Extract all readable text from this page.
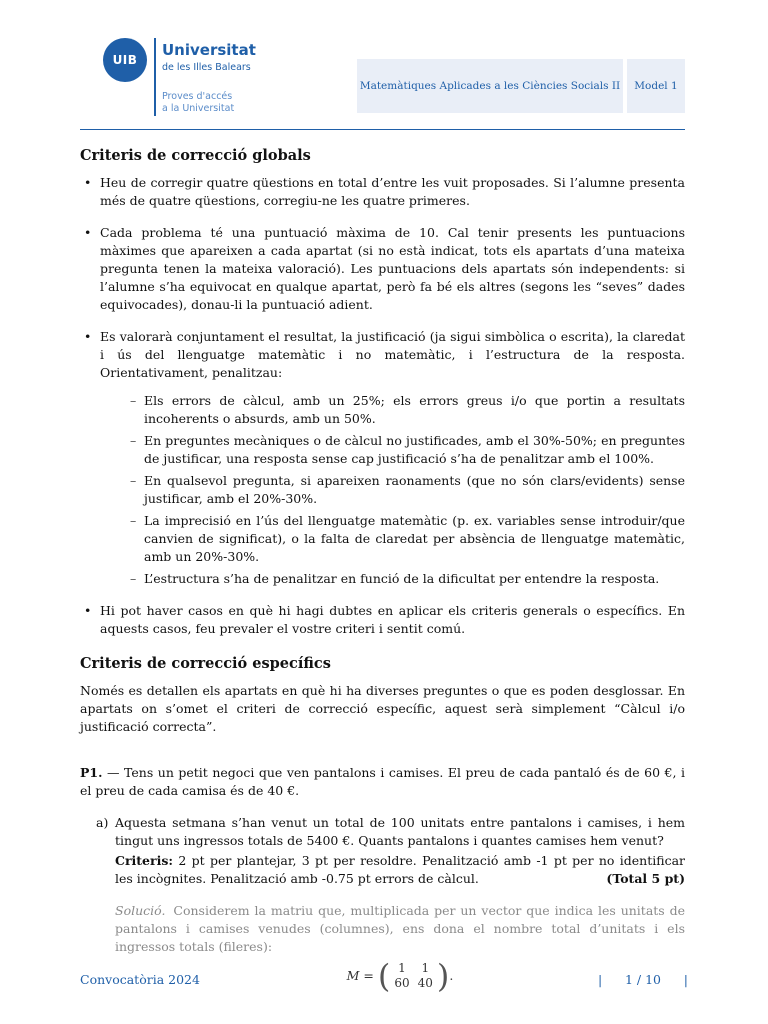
UIB
Universitat
de les Illes Balears
Proves d'accés
a la Universitat
Matemàtiques Aplicades a les Ciències Socials II Model 1
Criteris de correcció globals
• Heu de corregir quatre qüestions en total d’entre les vuit proposades. Si l’alumne presenta més de quatre qüestions, corregiu-ne les quatre primeres.
• Cada problema té una puntuació màxima de 10. Cal tenir presents les puntuacions màximes que apareixen a cada apartat (si no està indicat, tots els apartats d’una mateixa pregunta tenen la mateixa valoració). Les puntuacions dels apartats són independents: si l’alumne s’ha equivocat en qualque apartat, però fa bé els altres (segons les “seves” dades equivocades), donau-li la puntuació adient.
• Es valorarà conjuntament el resultat, la justificació (ja sigui simbòlica o escrita), la claredat i ús del llenguatge matemàtic i no matemàtic, i l’estructura de la resposta. Orientativament, penalitzau:
– Els errors de càlcul, amb un 25%; els errors greus i/o que portin a resultats incoherents o absurds, amb un 50%.
– En preguntes mecàniques o de càlcul no justificades, amb el 30%-50%; en preguntes de justificar, una resposta sense cap justificació s’ha de penalitzar amb el 100%.
– En qualsevol pregunta, si apareixen raonaments (que no són clars/evidents) sense justificar, amb el 20%-30%.
– La imprecisió en l’ús del llenguatge matemàtic (p. ex. variables sense introduir/que canvien de significat), o la falta de claredat per absència de llenguatge matemàtic, amb un 20%-30%.
– L’estructura s’ha de penalitzar en funció de la dificultat per entendre la resposta.
• Hi pot haver casos en què hi hagi dubtes en aplicar els criteris generals o específics. En aquests casos, feu prevaler el vostre criteri i sentit comú.
Criteris de correcció específics

Només es detallen els apartats en què hi ha diverses preguntes o que es poden desglossar. En apartats on s’omet el criteri de correcció específic, aquest serà simplement “Càlcul i/o justificació correcta”.

P1. — Tens un petit negoci que ven pantalons i camises. El preu de cada pantaló és de 60 €, i el preu de cada camisa és de 40 €.

a) Aquesta setmana s’han venut un total de 100 unitats entre pantalons i camises, i hem tingut uns ingressos totals de 5400 €. Quants pantalons i quantes camises hem venut?

Criteris: 2 pt per plantejar, 3 pt per resoldre. Penalització amb -1 pt per no identificar les incògnites. Penalització amb -0.75 pt errors de càlcul.	(Total 5 pt)

Solució. Considerem la matriu que, multiplicada per un vector que indica les unitats de pantalons i camises venudes (columnes), ens dona el nombre total d’unitats i els ingressos totals (fileres):
M = ( 1	1
60	40 ) .
Convocatòria 2024	| 1 / 10 |
